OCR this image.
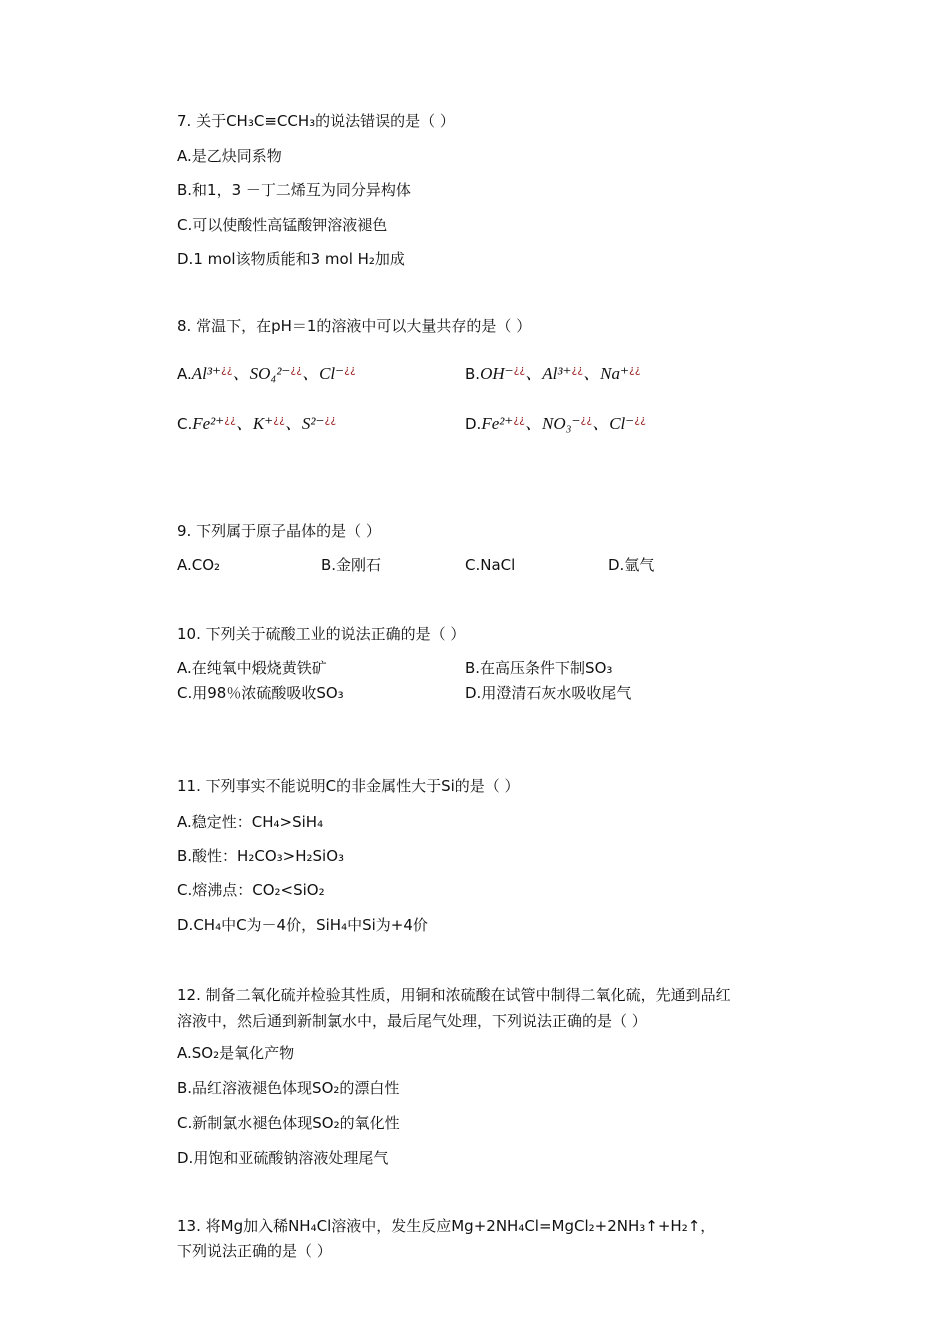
7. 关于CH₃C≡CCH₃的说法错误的是（ ）
A.是乙炔同系物
B.和1，3 －丁二烯互为同分异构体
C.可以使酸性高锰酸钾溶液褪色
D.1 mol该物质能和3 mol H₂加成
8. 常温下，在pH＝1的溶液中可以大量共存的是（ ）
A.Al³⁺¿¿、SO₄²⁻¿¿、Cl⁻¿¿	B.OH⁻¿¿、Al³⁺¿¿、Na⁺¿¿
C.Fe²⁺¿¿、K⁺¿¿、S²⁻¿¿	D.Fe²⁺¿¿、NO₃⁻¿¿、Cl⁻¿¿
9. 下列属于原子晶体的是（ ）
A.CO₂	B.金刚石	C.NaCl	D.氩气
10. 下列关于硫酸工业的说法正确的是（ ）
A.在纯氧中煅烧黄铁矿	B.在高压条件下制SO₃
C.用98％浓硫酸吸收SO₃	D.用澄清石灰水吸收尾气
11. 下列事实不能说明C的非金属性大于Si的是（ ）
A.稳定性：CH₄>SiH₄
B.酸性：H₂CO₃>H₂SiO₃
C.熔沸点：CO₂<SiO₂
D.CH₄中C为－4价，SiH₄中Si为+4价
12. 制备二氧化硫并检验其性质，用铜和浓硫酸在试管中制得二氧化硫，先通到品红
溶液中，然后通到新制氯水中，最后尾气处理，下列说法正确的是（ ）
A.SO₂是氧化产物
B.品红溶液褪色体现SO₂的漂白性
C.新制氯水褪色体现SO₂的氧化性
D.用饱和亚硫酸钠溶液处理尾气
13. 将Mg加入稀NH₄Cl溶液中，发生反应Mg+2NH₄Cl=MgCl₂+2NH₃↑+H₂↑，
下列说法正确的是（ ）
